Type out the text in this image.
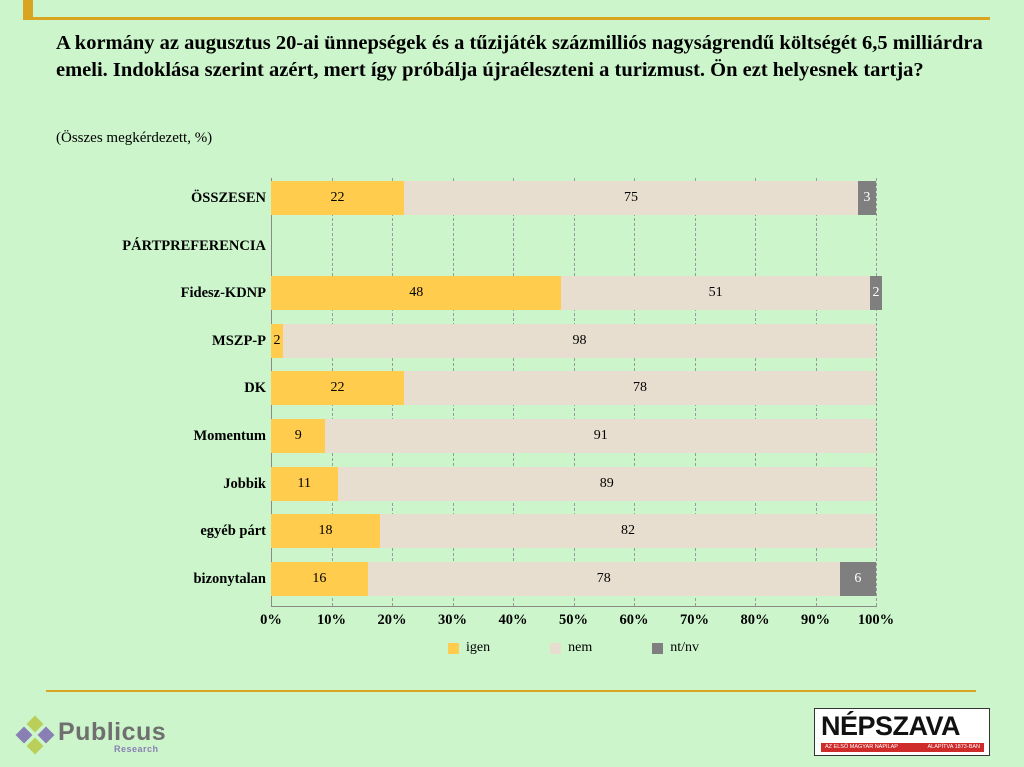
A kormány az augusztus 20-ai ünnepségek és a tűzijáték százmilliós nagyságrendű költségét 6,5 milliárdra emeli. Indoklása szerint azért, mert így próbálja újraéleszteni a turizmust. Ön ezt helyesnek tartja?
(Összes megkérdezett, %)
ÖSSZESEN	22	75	3
PÁRTPREFERENCIA
Fidesz-KDNP	48	51	2
MSZP-P 2	98
DK	22	78
Momentum	9	91
Jobbik	11	89
egyéb párt	18	82
bizonytalan	16	78	6
0%	10%	20%	30%	40%	50%	60%	70%	80%	90%	100%
igen	nem	nt/nv
Publicus
Research
NÉPSZAVA
AZ ELSŐ MAGYAR NAPILAP	ALAPÍTVA 1873-BAN
